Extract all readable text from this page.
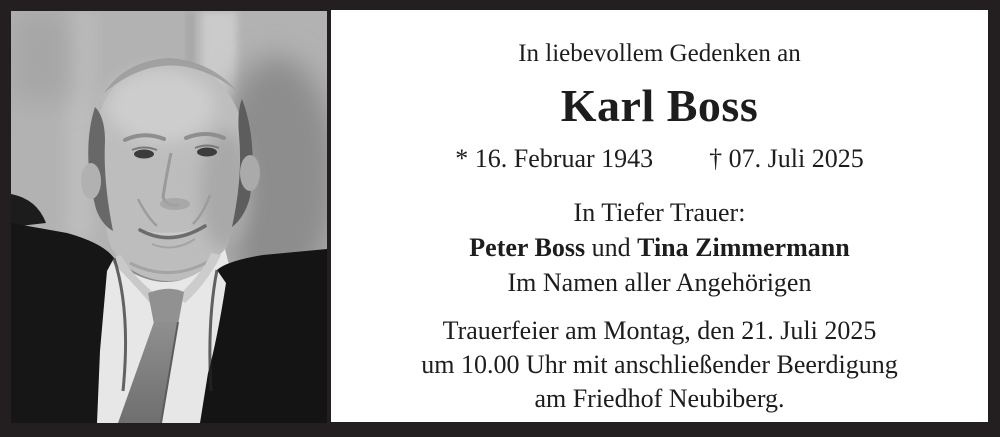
In liebevollem Gedenken an
Karl Boss
* 16. Februar 1943 † 07. Juli 2025
In Tiefer Trauer:
Peter Boss und Tina Zimmermann
Im Namen aller Angehörigen
Trauerfeier am Montag, den 21. Juli 2025
um 10.00 Uhr mit anschließender Beerdigung
am Friedhof Neubiberg.
